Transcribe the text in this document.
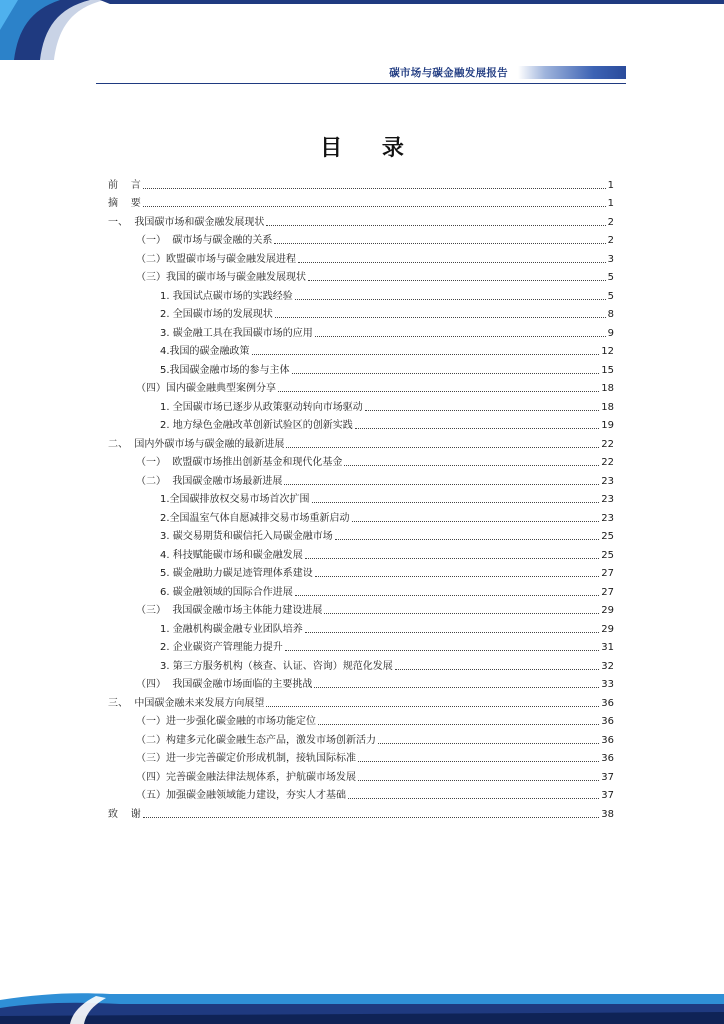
碳市场与碳金融发展报告
目 录
前    言	1
摘    要	1
一、  我国碳市场和碳金融发展现状	2
（一）  碳市场与碳金融的关系	2
（二）欧盟碳市场与碳金融发展进程	3
（三）我国的碳市场与碳金融发展现状	5
1. 我国试点碳市场的实践经验	5
2. 全国碳市场的发展现状	8
3. 碳金融工具在我国碳市场的应用	9
4.我国的碳金融政策	12
5.我国碳金融市场的参与主体	15
（四）国内碳金融典型案例分享	18
1. 全国碳市场已逐步从政策驱动转向市场驱动	18
2. 地方绿色金融改革创新试验区的创新实践	19
二、  国内外碳市场与碳金融的最新进展	22
（一）  欧盟碳市场推出创新基金和现代化基金	22
（二）  我国碳金融市场最新进展	23
1.全国碳排放权交易市场首次扩围	23
2.全国温室气体自愿减排交易市场重新启动	23
3. 碳交易期货和碳信托入局碳金融市场	25
4. 科技赋能碳市场和碳金融发展	25
5. 碳金融助力碳足迹管理体系建设	27
6. 碳金融领域的国际合作进展	27
（三）  我国碳金融市场主体能力建设进展	29
1. 金融机构碳金融专业团队培养	29
2. 企业碳资产管理能力提升	31
3. 第三方服务机构（核查、认证、咨询）规范化发展	32
（四）  我国碳金融市场面临的主要挑战	33
三、  中国碳金融未来发展方向展望	36
（一）进一步强化碳金融的市场功能定位	36
（二）构建多元化碳金融生态产品，激发市场创新活力	36
（三）进一步完善碳定价形成机制，接轨国际标准	36
（四）完善碳金融法律法规体系，护航碳市场发展	37
（五）加强碳金融领域能力建设，夯实人才基础	37
致    谢	38
